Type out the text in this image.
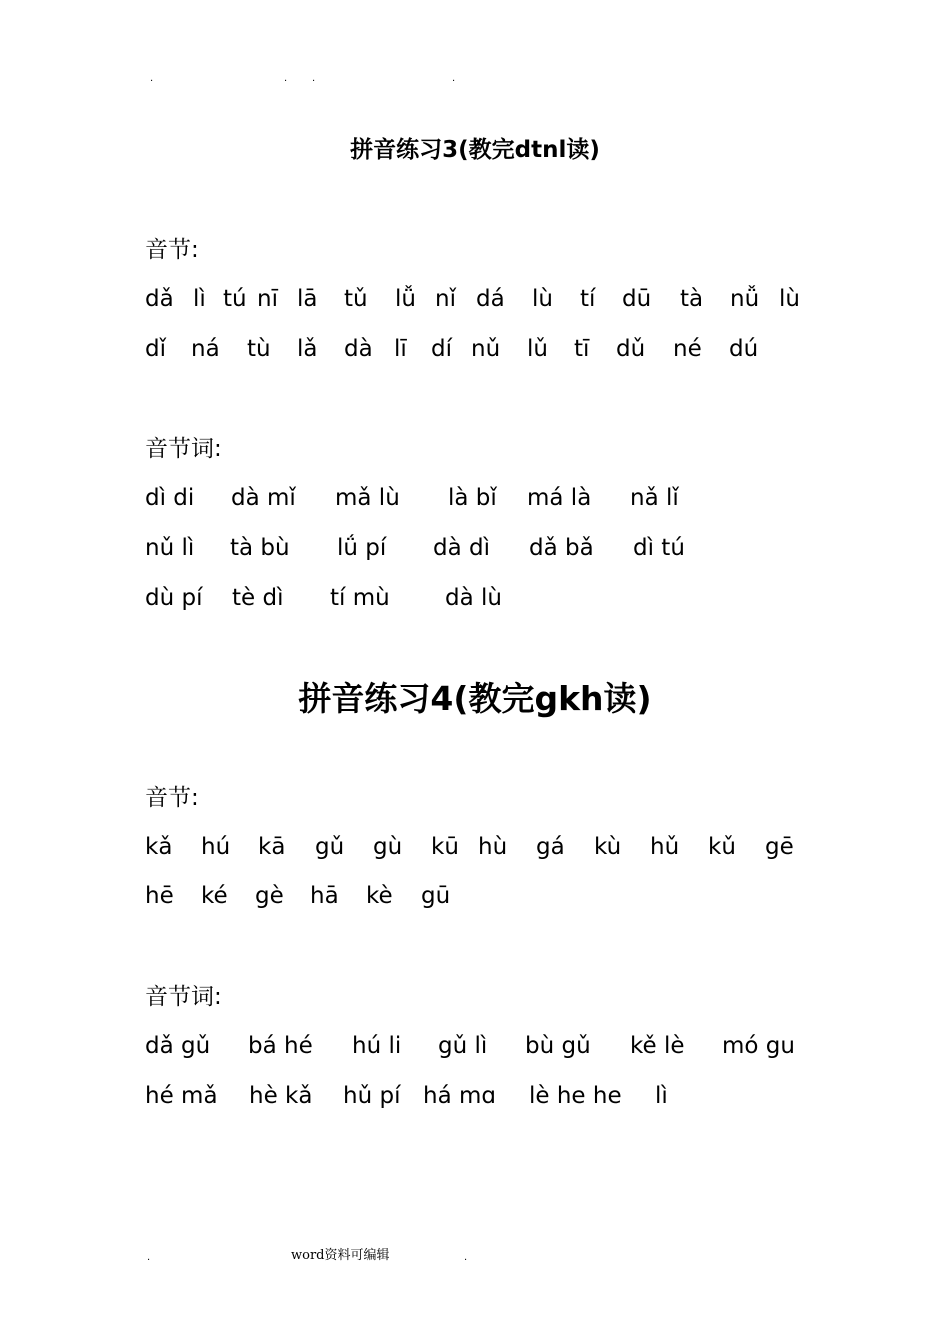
.	. .	.
拼音练习3(教完dtnl读)
音节:
dǎ lì tú nī lā tǔ lǚ nǐ dá lù tí dū tà nǚ lù
dǐ ná tù lǎ dà lī dí nǔ lǔ tī dǔ né dú
音节词:
dì di dà mǐ mǎ lù là bǐ má là nǎ lǐ
nǔ lì tà bù lǘ pí dà dì dǎ bǎ dì tú
dù pí tè dì tí mù dà lù
拼音练习4(教完gkh读)
音节:
kǎ hú kā gǔ gù kū hù gá kù hǔ kǔ gē
hē ké gè hā kè gū
音节词:
dǎ gǔ bá hé hú li gǔ lì bù gǔ kě lè mó gu
hé mǎ hè kǎ hǔ pí há mɑ lè he he lì
.	word资料可编辑	.
